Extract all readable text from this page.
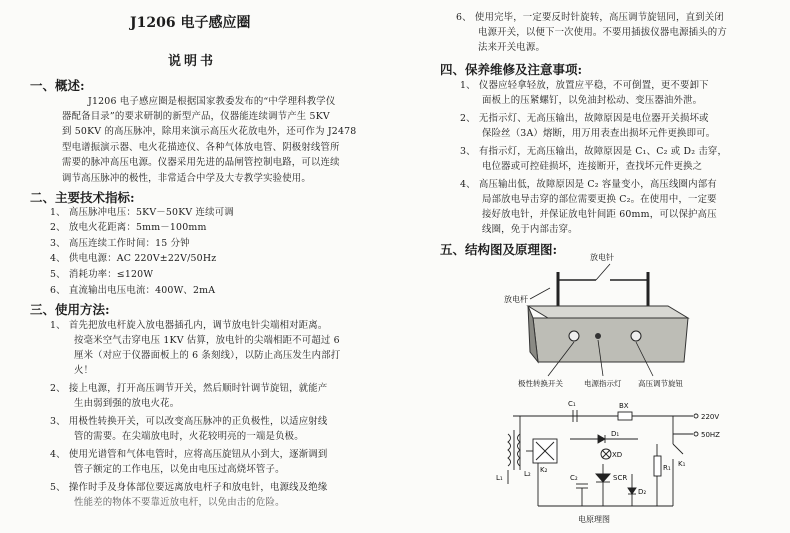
J1206 电子感应圈
说明书
一、概述:
J1206 电子感应圈是根据国家教委发布的“中学理科教学仪
器配备目录”的要求研制的新型产品，仪器能连续调节产生 5KV
到 50KV 的高压脉冲，除用来演示高压火花放电外，还可作为 J2478
型电谱振演示器、电火花描迹仪、各种气体放电管、阴极射线管所
需要的脉冲高压电源。仪器采用先进的晶闸管控制电路，可以连续
调节高压脉冲的极性，非常适合中学及大专教学实验使用。
二、主要技术指标:
1、 高压脉冲电压：5KV－50KV 连续可调
2、 放电火花距离：5mm－100mm
3、 高压连续工作时间：15 分钟
4、 供电电源：AC 220V±22V/50Hz
5、 消耗功率：≤120W
6、 直流输出电压电流：400W、2mA
三、使用方法:
1、 首先把放电杆旋入放电器插孔内，调节放电针尖端相对距离。
按毫米空气击穿电压 1KV 估算，放电针的尖端相距不可超过 6
厘米（对应于仪器面板上的 6 条刻线），以防止高压发生内部打
火！
2、 接上电源，打开高压调节开关，然后顺时针调节旋钮，就能产
生由弱到强的放电火花。
3、 用极性转换开关，可以改变高压脉冲的正负极性，以适应射线
管的需要。在尖端放电时，火花较明亮的一端是负极。
4、 使用光谱管和气体电管时，应将高压旋钮从小到大，逐渐调到
管子额定的工作电压，以免由电压过高烧坏管子。
5、 操作时手及身体部位要远离放电杆子和放电针，电源线及绝缘
性能差的物体不要靠近放电杆，以免由击的危险。
6、 使用完毕，一定要反时针旋转，高压调节旋钮同，直到关闭
电源开关，以便下一次使用。不要用插拔仪器电源插头的方
法来开关电源。
四、保养维修及注意事项:
1、 仪器应轻拿轻放，放置应平稳，不可倒置，更不要卸下
面板上的压紧螺钉，以免油封松动、变压器油外泄。
2、 无指示灯、无高压输出，故障原因是电位器开关损坏或
保险丝（3A）熔断，用万用表查出损坏元件更换即可。
3、 有指示灯，无高压输出，故障原因是 C₁、C₂ 或 D₂ 击穿，
电位器或可控硅损坏，连接断开，查找坏元件更换之
4、 高压输出低，故障原因是 C₂ 容量变小，高压线圈内部有
局部放电导击穿的部位需要更换 C₂。在使用中，一定要
接好放电针，并保证放电针间距 60mm，可以保护高压
线圈，免于内部击穿。
五、结构图及原理图:
放电针
放电杆
极性转换开关	电源指示灯 高压调节旋钮
C₁	BX
D₁
XD
SCR
C₂
D₂
R₁ K₁
K₂
L₁	L₂
220V
50HZ
电原理图
